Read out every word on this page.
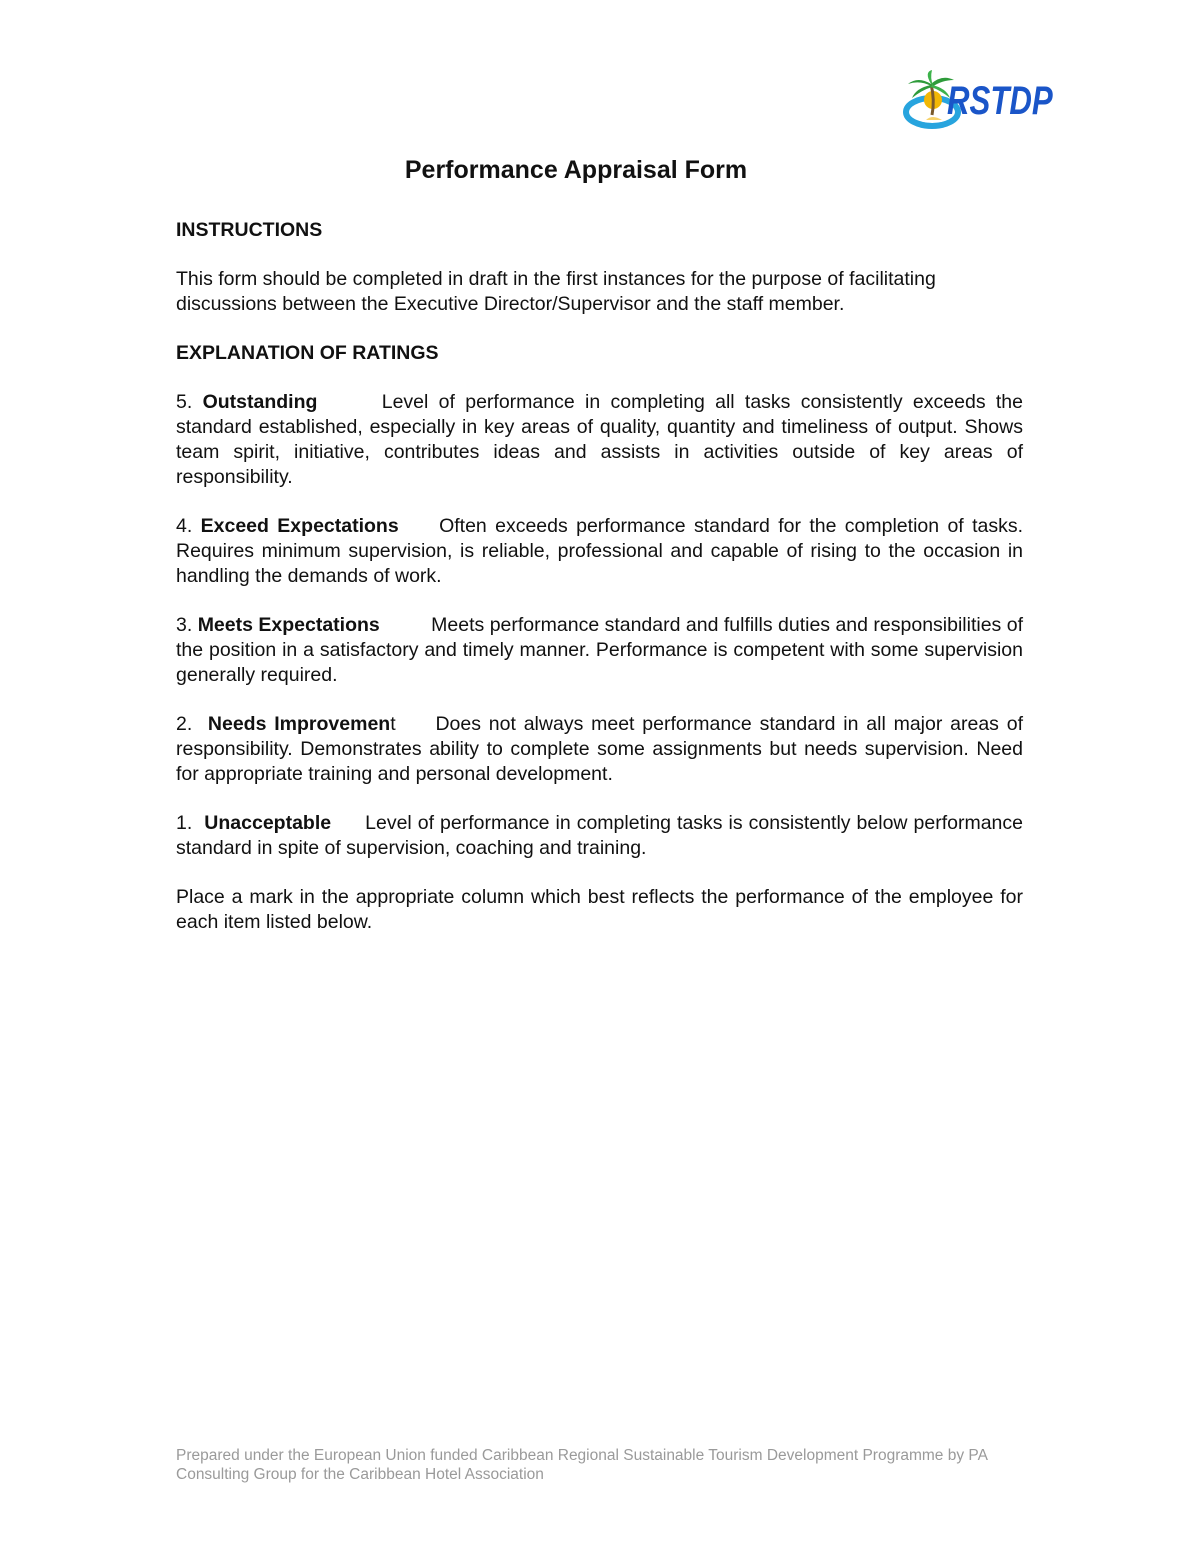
RSTDP
Performance Appraisal Form

INSTRUCTIONS

This form should be completed in draft in the first instances for the purpose of facilitating discussions between the Executive Director/Supervisor and the staff member.

EXPLANATION OF RATINGS

5. Outstanding	Level of performance in completing all tasks consistently exceeds the standard established, especially in key areas of quality, quantity and timeliness of output. Shows team spirit, initiative, contributes ideas and assists in activities outside of key areas of responsibility.

4. Exceed Expectations Often exceeds performance standard for the completion of tasks. Requires minimum supervision, is reliable, professional and capable of rising to the occasion in handling the demands of work.

3. Meets Expectations	Meets performance standard and fulfills duties and responsibilities of the position in a satisfactory and timely manner. Performance is competent with some supervision generally required.

2. Needs Improvement Does not always meet performance standard in all major areas of responsibility. Demonstrates ability to complete some assignments but needs supervision. Need for appropriate training and personal development.

1. Unacceptable Level of performance in completing tasks is consistently below performance standard in spite of supervision, coaching and training.

Place a mark in the appropriate column which best reflects the performance of the employee for each item listed below.

Prepared under the European Union funded Caribbean Regional Sustainable Tourism Development Programme by PA Consulting Group for the Caribbean Hotel Association
